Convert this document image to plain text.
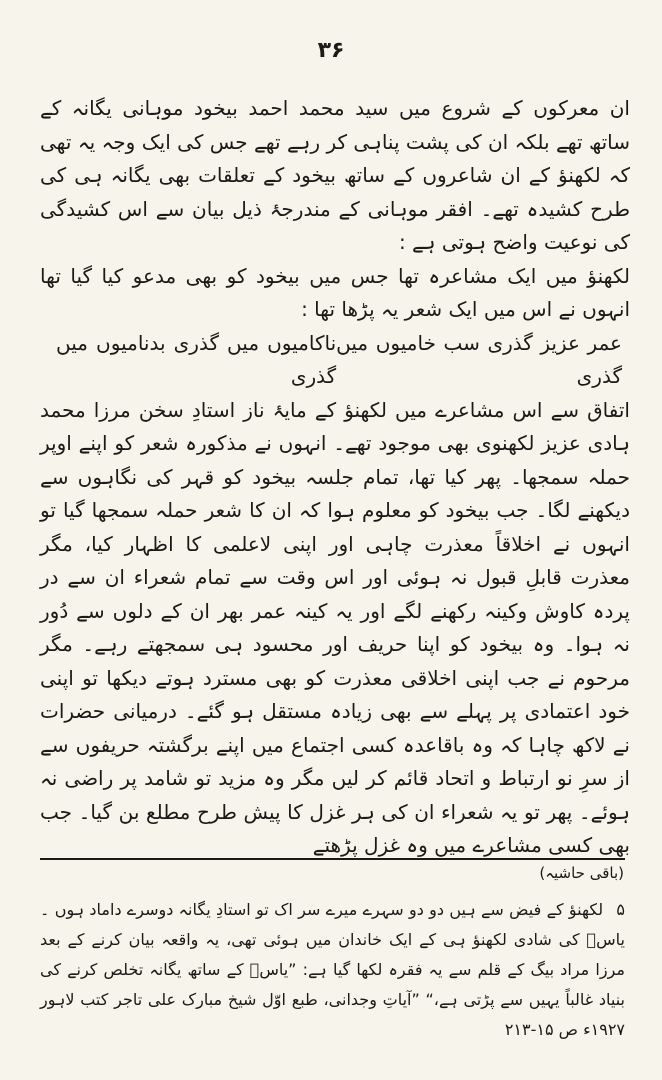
۳۶

ان معرکوں کے شروع میں سید محمد احمد بیخود موہانی یگانہ کے ساتھ تھے بلکہ ان کی پشت پناہی کر رہے تھے جس کی ایک وجہ یہ تھی کہ لکھنؤ کے ان شاعروں کے ساتھ بیخود کے تعلقات بھی یگانہ ہی کی طرح کشیدہ تھے۔ افقر موہانی کے مندرجۂ ذیل بیان سے اس کشیدگی کی نوعیت واضح ہوتی ہے :

لکھنؤ میں ایک مشاعرہ تھا جس میں بیخود کو بھی مدعو کیا گیا تھا انہوں نے اس میں ایک شعر یہ پڑھا تھا :

ناکامیوں میں گذری بدنامیوں میں گذری
عمر عزیز گذری سب خامیوں میں گذری

اتفاق سے اس مشاعرے میں لکھنؤ کے مایۂ ناز استادِ سخن مرزا محمد ہادی عزیز لکھنوی بھی موجود تھے۔ انہوں نے مذکورہ شعر کو اپنے اوپر حملہ سمجھا۔ پھر کیا تھا، تمام جلسہ بیخود کو قہر کی نگاہوں سے دیکھنے لگا۔ جب بیخود کو معلوم ہوا کہ ان کا شعر حملہ سمجھا گیا تو انہوں نے اخلاقاً معذرت چاہی اور اپنی لاعلمی کا اظہار کیا، مگر معذرت قابلِ قبول نہ ہوئی اور اس وقت سے تمام شعراء ان سے در پردہ کاوش وکینہ رکھنے لگے اور یہ کینہ عمر بھر ان کے دلوں سے دُور نہ ہوا۔ وہ بیخود کو اپنا حریف اور محسود ہی سمجھتے رہے۔ مگر مرحوم نے جب اپنی اخلاقی معذرت کو بھی مسترد ہوتے دیکھا تو اپنی خود اعتمادی پر پہلے سے بھی زیادہ مستقل ہو گئے۔ درمیانی حضرات نے لاکھ چاہا کہ وہ باقاعدہ کسی اجتماع میں اپنے برگشتہ حریفوں سے از سرِ نو ارتباط و اتحاد قائم کر لیں مگر وہ مزید تو شامد پر راضی نہ ہوئے۔ پھر تو یہ شعراء ان کی ہر غزل کا پیش طرح مطلع بن گیا۔ جب بھی کسی مشاعرے میں وہ غزل پڑھتے

(باقی حاشیہ)

۵ لکھنؤ کے فیض سے ہیں دو دو سہرے میرے سر اک تو استادِ یگانہ دوسرے داماد ہوں ۔ یاسؔ کی شادی لکھنؤ ہی کے ایک خاندان میں ہوئی تھی، یہ واقعہ بیان کرنے کے بعد مرزا مراد بیگ کے قلم سے یہ فقرہ لکھا گیا ہے: ”یاسؔ کے ساتھ یگانہ تخلص کرنے کی بنیاد غالباً یہیں سے پڑتی ہے،“ ”آیاتِ وجدانی، طبع اوّل شیخ مبارک علی تاجر کتب لاہور ۱۹۲۷ء ص ۱۵-۲۱۳
